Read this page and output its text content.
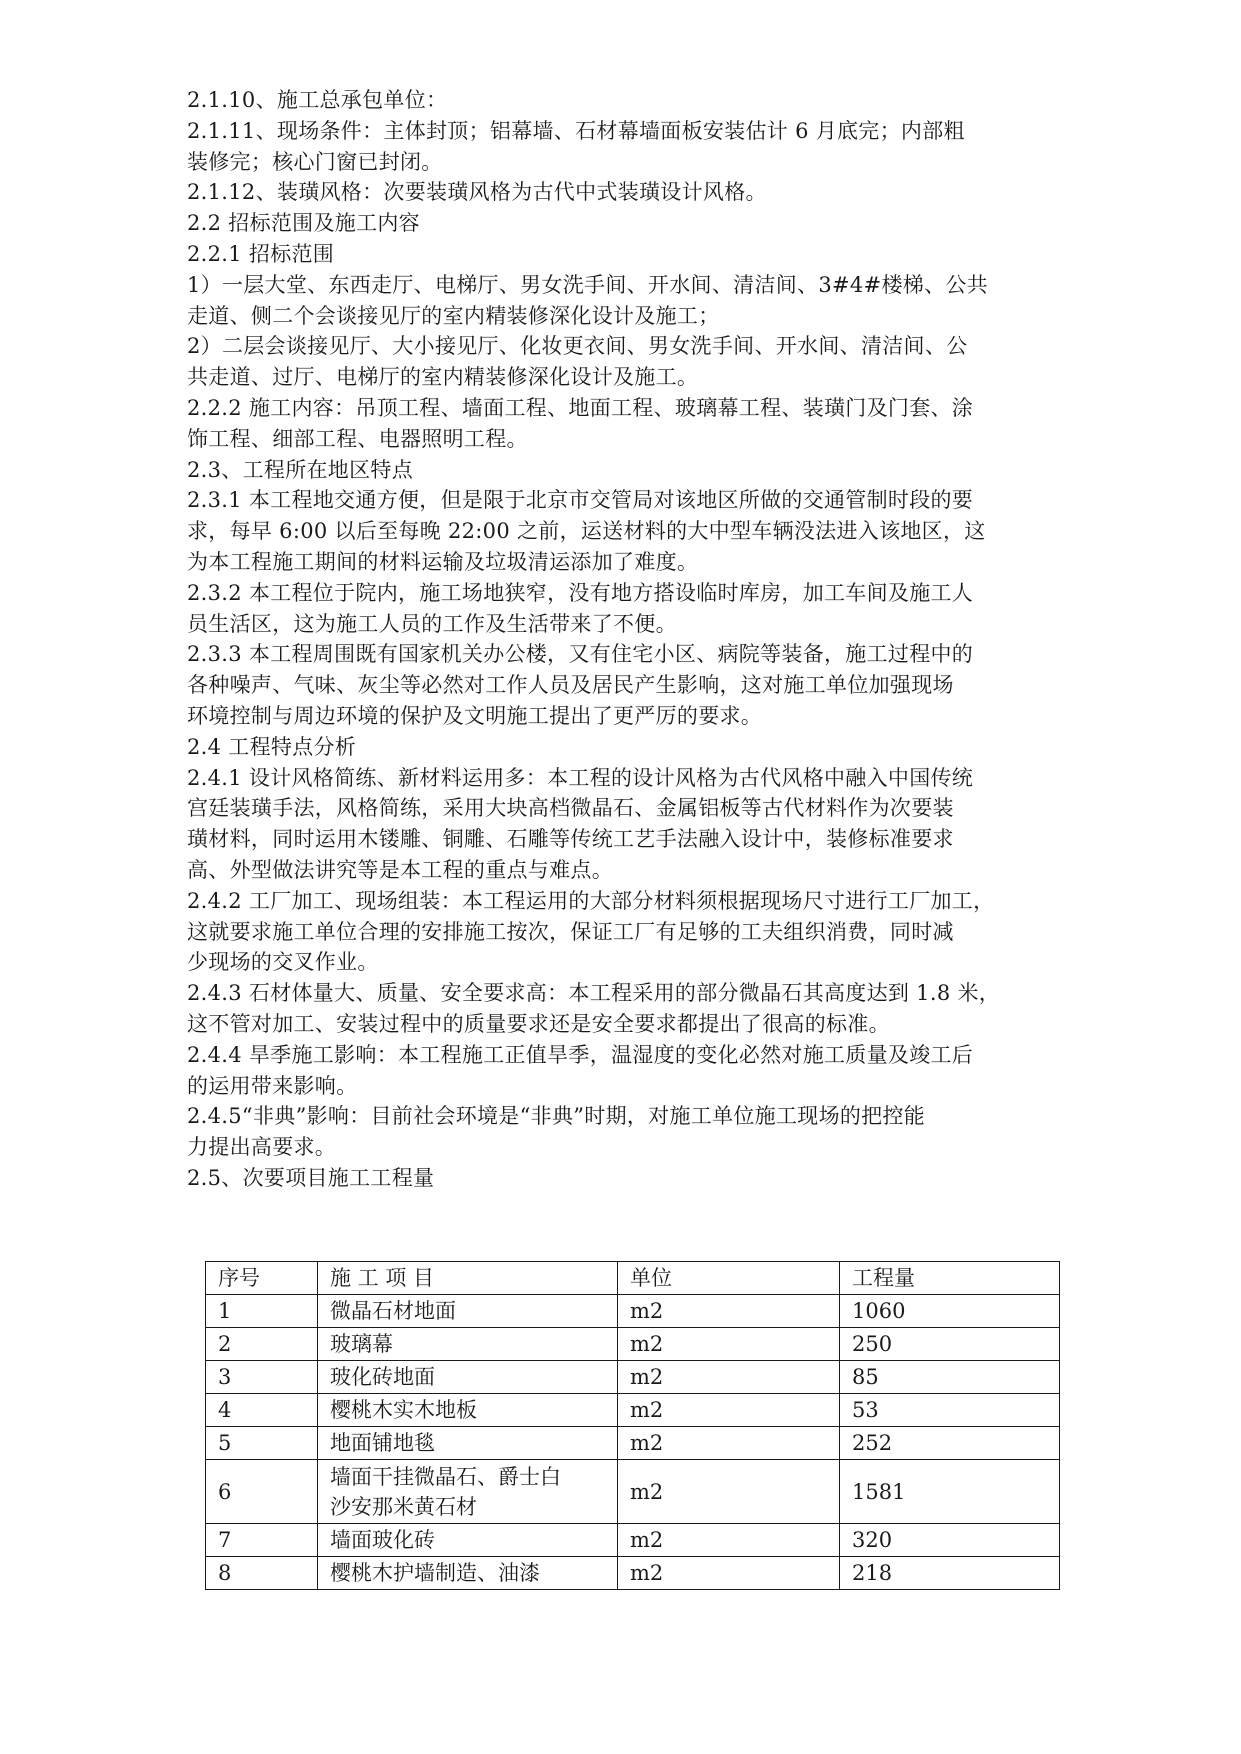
2.1.10、施工总承包单位：

2.1.11、现场条件：主体封顶；铝幕墙、石材幕墙面板安装估计 6 月底完；内部粗

装修完；核心门窗已封闭。

2.1.12、装璜风格：次要装璜风格为古代中式装璜设计风格。

2.2 招标范围及施工内容

2.2.1 招标范围

1）一层大堂、东西走厅、电梯厅、男女洗手间、开水间、清洁间、3#4#楼梯、公共

走道、侧二个会谈接见厅的室内精装修深化设计及施工；

2）二层会谈接见厅、大小接见厅、化妆更衣间、男女洗手间、开水间、清洁间、公

共走道、过厅、电梯厅的室内精装修深化设计及施工。

2.2.2 施工内容：吊顶工程、墙面工程、地面工程、玻璃幕工程、装璜门及门套、涂

饰工程、细部工程、电器照明工程。

2.3、工程所在地区特点

2.3.1 本工程地交通方便，但是限于北京市交管局对该地区所做的交通管制时段的要

求，每早 6:00 以后至每晚 22:00 之前，运送材料的大中型车辆没法进入该地区，这

为本工程施工期间的材料运输及垃圾清运添加了难度。

2.3.2 本工程位于院内，施工场地狭窄，没有地方搭设临时库房，加工车间及施工人

员生活区，这为施工人员的工作及生活带来了不便。

2.3.3 本工程周围既有国家机关办公楼，又有住宅小区、病院等装备，施工过程中的

各种噪声、气味、灰尘等必然对工作人员及居民产生影响，这对施工单位加强现场

环境控制与周边环境的保护及文明施工提出了更严厉的要求。

2.4 工程特点分析

2.4.1 设计风格简练、新材料运用多：本工程的设计风格为古代风格中融入中国传统

宫廷装璜手法，风格简练，采用大块高档微晶石、金属铝板等古代材料作为次要装

璜材料，同时运用木镂雕、铜雕、石雕等传统工艺手法融入设计中，装修标准要求

高、外型做法讲究等是本工程的重点与难点。

2.4.2 工厂加工、现场组装：本工程运用的大部分材料须根据现场尺寸进行工厂加工，

这就要求施工单位合理的安排施工按次，保证工厂有足够的工夫组织消费，同时减

少现场的交叉作业。

2.4.3 石材体量大、质量、安全要求高：本工程采用的部分微晶石其高度达到 1.8 米，

这不管对加工、安装过程中的质量要求还是安全要求都提出了很高的标准。

2.4.4 旱季施工影响：本工程施工正值旱季，温湿度的变化必然对施工质量及竣工后

的运用带来影响。

2.4.5“非典”影响：目前社会环境是“非典”时期，对施工单位施工现场的把控能

力提出高要求。

2.5、次要项目施工工程量

序号	施 工 项 目	单位	工程量
1	微晶石材地面	m2	1060
2	玻璃幕	m2	250
3	玻化砖地面	m2	85
4	樱桃木实木地板	m2	53
5	地面铺地毯	m2	252
6	墙面干挂微晶石、爵士白
沙安那米黄石材	m2	1581
7	墙面玻化砖	m2	320
8	樱桃木护墙制造、油漆	m2	218
